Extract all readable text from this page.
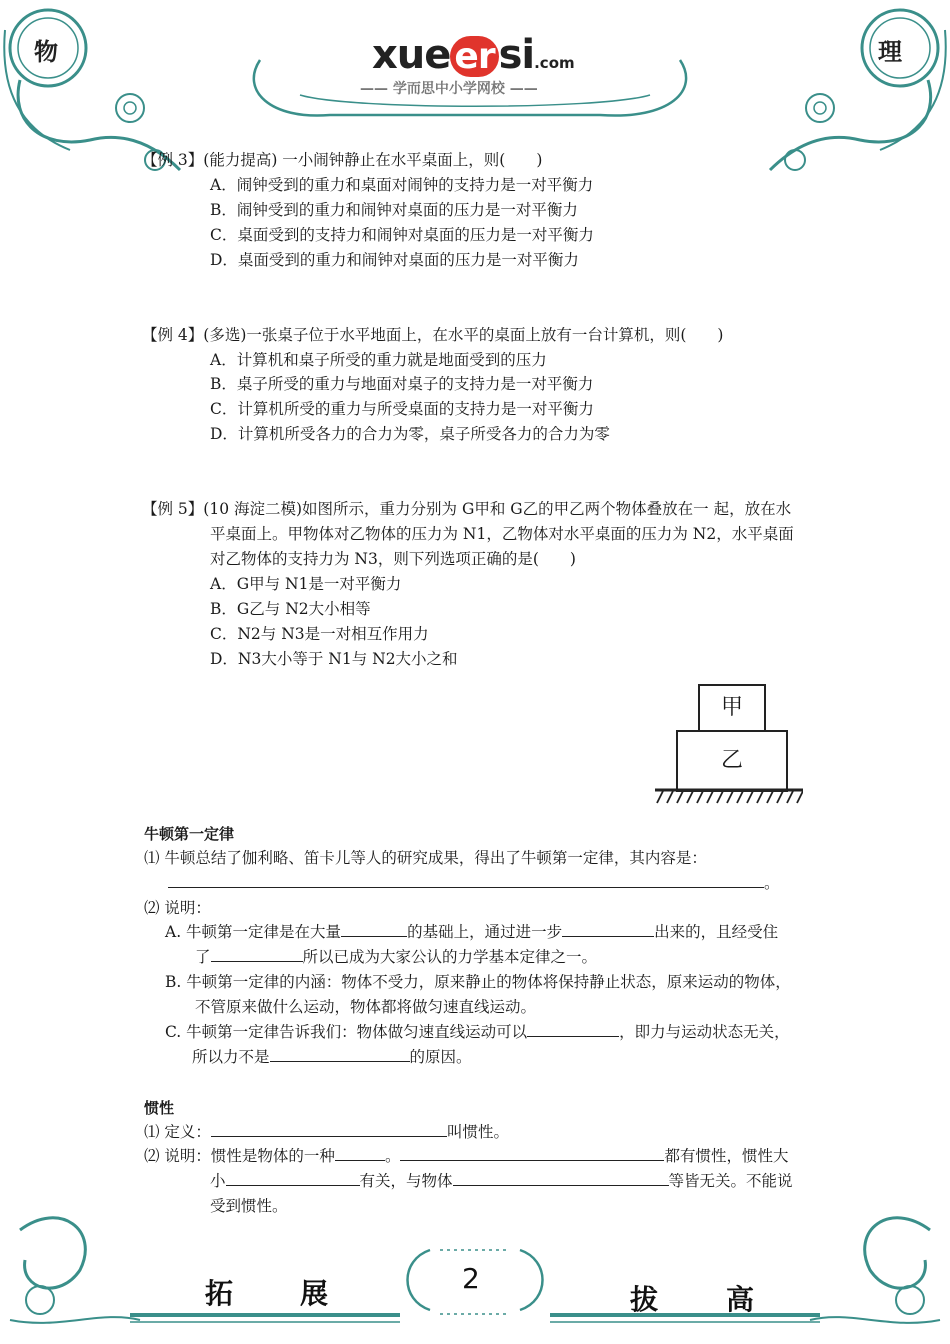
xue er si.com
—— 学而思中小学网校 ——
物	理
【例 3】(能力提高) 一小闹钟静止在水平桌面上，则(　　)
A．闹钟受到的重力和桌面对闹钟的支持力是一对平衡力
B．闹钟受到的重力和闹钟对桌面的压力是一对平衡力
C．桌面受到的支持力和闹钟对桌面的压力是一对平衡力
D．桌面受到的重力和闹钟对桌面的压力是一对平衡力
【例 4】(多选)一张桌子位于水平地面上，在水平的桌面上放有一台计算机，则(　　)
A．计算机和桌子所受的重力就是地面受到的压力
B．桌子所受的重力与地面对桌子的支持力是一对平衡力
C．计算机所受的重力与所受桌面的支持力是一对平衡力
D．计算机所受各力的合力为零，桌子所受各力的合力为零
【例 5】(10 海淀二模)如图所示，重力分别为 G甲和 G乙的甲乙两个物体叠放在一 起，放在水
平桌面上。甲物体对乙物体的压力为 N1，乙物体对水平桌面的压力为 N2，水平桌面
对乙物体的支持力为 N3，则下列选项正确的是(　　)
A．G甲与 N1是一对平衡力
B．G乙与 N2大小相等
C．N2与 N3是一对相互作用力
D．N3大小等于 N1与 N2大小之和
甲
乙
牛顿第一定律
⑴ 牛顿总结了伽利略、笛卡儿等人的研究成果，得出了牛顿第一定律，其内容是：
。
⑵ 说明：
A. 牛顿第一定律是在大量	的基础上，通过进一步	出来的，且经受住
了	所以已成为大家公认的力学基本定律之一。
B. 牛顿第一定律的内涵：物体不受力，原来静止的物体将保持静止状态，原来运动的物体，
不管原来做什么运动，物体都将做匀速直线运动。
C. 牛顿第一定律告诉我们：物体做匀速直线运动可以	，即力与运动状态无关，
所以力不是	的原因。
惯性
⑴ 定义：	叫惯性。
⑵ 说明：惯性是物体的一种	。	都有惯性，惯性大
小	有关，与物体	等皆无关。不能说
受到惯性。
拓 展	2
拔 高
